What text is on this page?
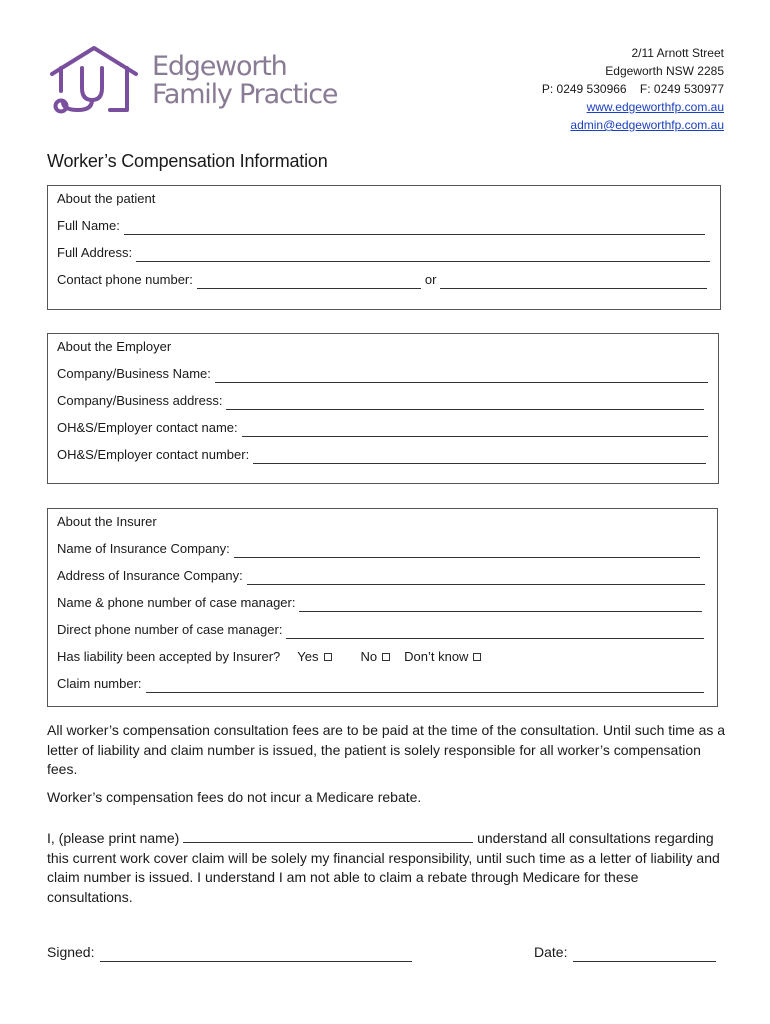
Edgeworth
Family Practice
2/11 Arnott Street
Edgeworth NSW 2285
P: 0249 530966    F: 0249 530977
www.edgeworthfp.com.au
admin@edgeworthfp.com.au
Worker’s Compensation Information
About the patient
Full Name:
Full Address:
Contact phone number:	or
About the Employer
Company/Business Name:
Company/Business address:
OH&S/Employer contact name:
OH&S/Employer contact number:
About the Insurer
Name of Insurance Company:
Address of Insurance Company:
Name & phone number of case manager:
Direct phone number of case manager:
Has liability been accepted by Insurer? Yes	No	Don’t know
Claim number:
All worker’s compensation consultation fees are to be paid at the time of the consultation. Until such time as a letter of liability and claim number is issued, the patient is solely responsible for all worker’s compensation fees.
Worker’s compensation fees do not incur a Medicare rebate.
I, (please print name)	understand all consultations regarding this current work cover claim will be solely my financial responsibility, until such time as a letter of liability and claim number is issued. I understand I am not able to claim a rebate through Medicare for these consultations.
Signed:	Date:
